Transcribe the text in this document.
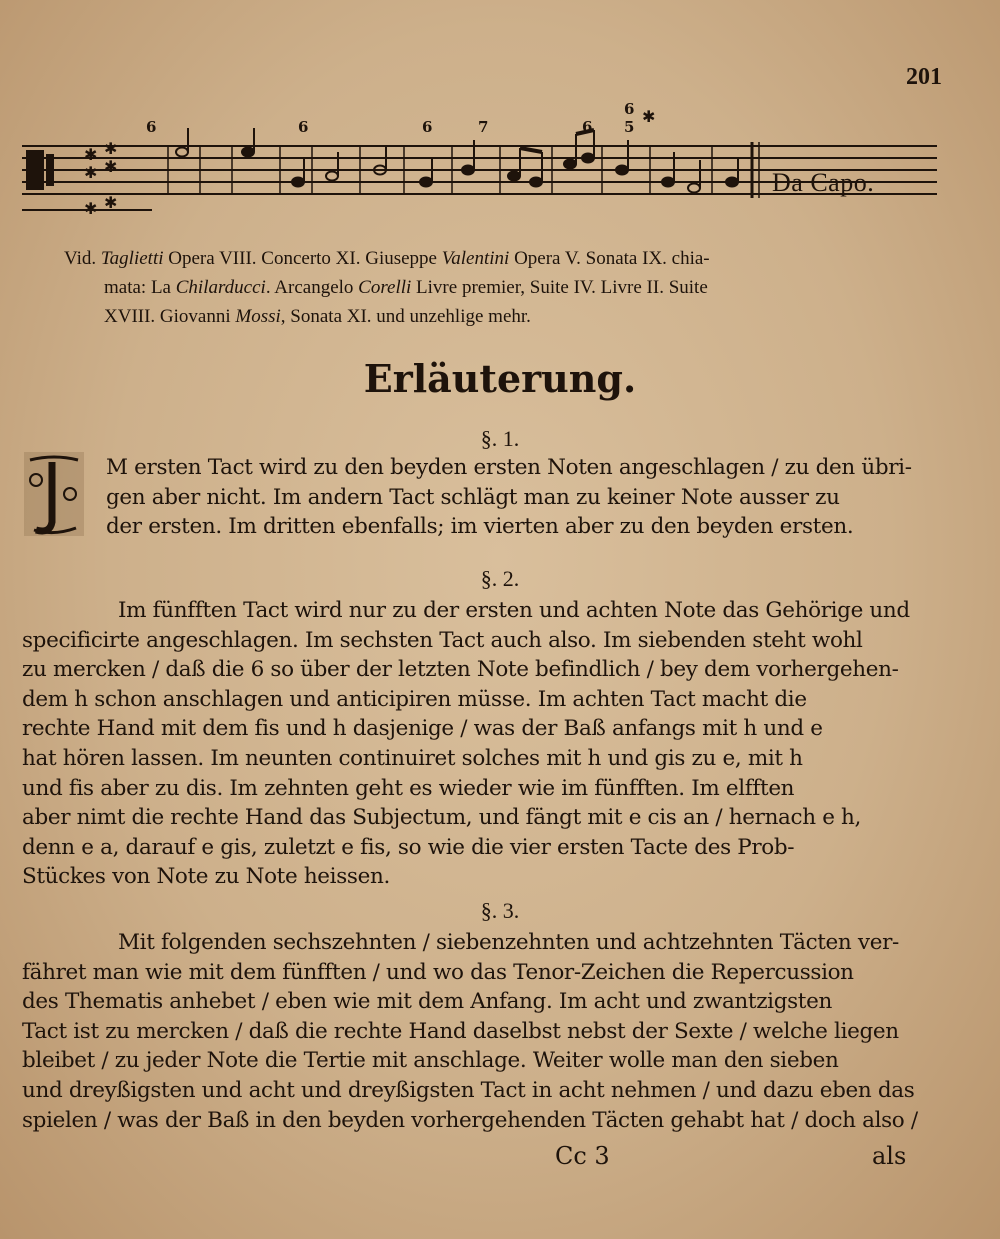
201
✱ ✱
✱ ✱
✱ ✱
6	6	6	7	6
6
5
✱
Da Capo.

Vid. Taglietti Opera VIII. Concerto XI. Giuseppe Valentini Opera V. Sonata IX. chia-

mata: La Chilarducci. Arcangelo Corelli Livre premier, Suite IV. Livre II. Suite

XVIII. Giovanni Mossi, Sonata XI. und unzehlige mehr.

Erläuterung.
§. 1.

M ersten Tact wird zu den beyden ersten Noten angeschlagen / zu den übri-

gen aber nicht. Im andern Tact schlägt man zu keiner Note ausser zu

der ersten. Im dritten ebenfalls; im vierten aber zu den beyden ersten.

§. 2.

Im fünfften Tact wird nur zu der ersten und achten Note das Gehörige und

specificirte angeschlagen. Im sechsten Tact auch also. Im siebenden steht wohl

zu mercken / daß die 6 so über der letzten Note befindlich / bey dem vorhergehen-

dem h schon anschlagen und anticipiren müsse. Im achten Tact macht die

rechte Hand mit dem fis und h dasjenige / was der Baß anfangs mit h und e

hat hören lassen. Im neunten continuiret solches mit h und gis zu e, mit h

und fis aber zu dis. Im zehnten geht es wieder wie im fünfften. Im elfften

aber nimt die rechte Hand das Subjectum, und fängt mit e cis an / hernach e h,

denn e a, darauf e gis, zuletzt e fis, so wie die vier ersten Tacte des Prob-

Stückes von Note zu Note heissen.

§. 3.

Mit folgenden sechszehnten / siebenzehnten und achtzehnten Täcten ver-

fähret man wie mit dem fünfften / und wo das Tenor-Zeichen die Repercussion

des Thematis anhebet / eben wie mit dem Anfang. Im acht und zwantzigsten

Tact ist zu mercken / daß die rechte Hand daselbst nebst der Sexte / welche liegen

bleibet / zu jeder Note die Tertie mit anschlage. Weiter wolle man den sieben

und dreyßigsten und acht und dreyßigsten Tact in acht nehmen / und dazu eben das

spielen / was der Baß in den beyden vorhergehenden Täcten gehabt hat / doch also /

Cc 3	als
